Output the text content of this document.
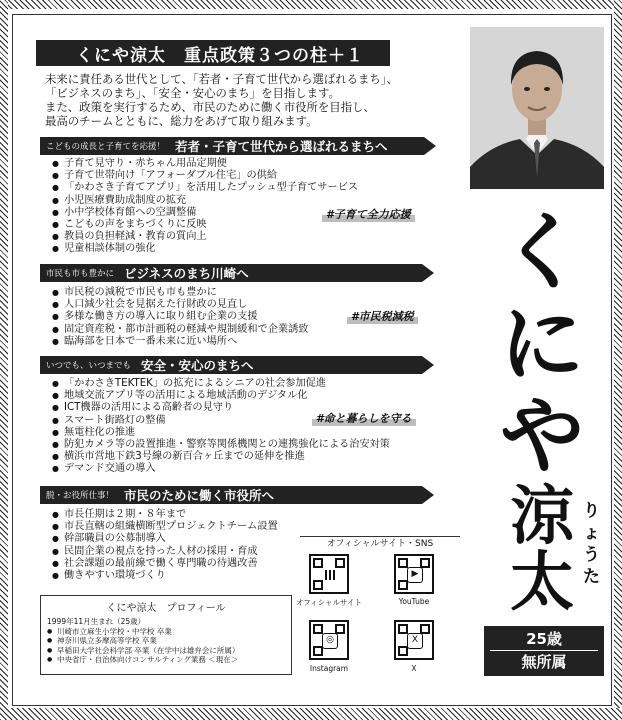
くにや涼太　重点政策３つの柱＋１
未来に責任ある世代として、「若者・子育て世代から選ばれるまち」、
「ビジネスのまち」、「安全・安心のまち」を目指します。
また、政策を実行するため、市民のために働く市役所を目指し、
最高のチームとともに、総力をあげて取り組みます。
こどもの成長と子育てを応援！ 若者・子育て世代から選ばれるまちへ
● 子育て見守り・赤ちゃん用品定期便
● 子育て世帯向け「アフォーダブル住宅」の供給
● 「かわさき子育てアプリ」を活用したプッシュ型子育てサービス
● 小児医療費助成制度の拡充
● 小中学校体育館への空調整備
● こどもの声をまちづくりに反映
● 教員の負担軽減・教育の質向上
● 児童相談体制の強化
#子育て全力応援
市民も市も豊かに ビジネスのまち川崎へ
● 市民税の減税で市民も市も豊かに
● 人口減少社会を見据えた行財政の見直し
● 多様な働き方の導入に取り組む企業の支援
● 固定資産税・都市計画税の軽減や規制緩和で企業誘致
● 臨海部を日本で一番未来に近い場所へ
#市民税減税
いつでも、いつまでも 安全・安心のまちへ
● 「かわさきTEKTEK」の拡充によるシニアの社会参加促進
● 地域交流アプリ等の活用による地域活動のデジタル化
● ICT機器の活用による高齢者の見守り
● スマート街路灯の整備
● 無電柱化の推進
● 防犯カメラ等の設置推進・警察等関係機関との連携強化による治安対策
● 横浜市営地下鉄3号線の新百合ヶ丘までの延伸を推進
● デマンド交通の導入
#命と暮らしを守る
脱・お役所仕事！ 市民のために働く市役所へ
● 市長任期は２期・８年まで
● 市長直轄の組織横断型プロジェクトチーム設置
● 幹部職員の公募制導入
● 民間企業の視点を持った人材の採用・育成
● 社会課題の最前線で働く専門職の待遇改善
● 働きやすい環境づくり
く
に
や
涼
太
り
ょ
う
た
25歳
無所属
オフィシャルサイト・SNS
オフィシャルサイト
▶
YouTube
◎
Instagram
X
X
くにや涼太　プロフィール
1999年11月生まれ（25歳）
● 川崎市立麻生小学校・中学校 卒業
● 神奈川県立多摩高等学校 卒業
● 早稲田大学社会科学部 卒業（在学中は雄弁会に所属）
● 中央省庁・自治体向けコンサルティング業務 ＜現在＞
